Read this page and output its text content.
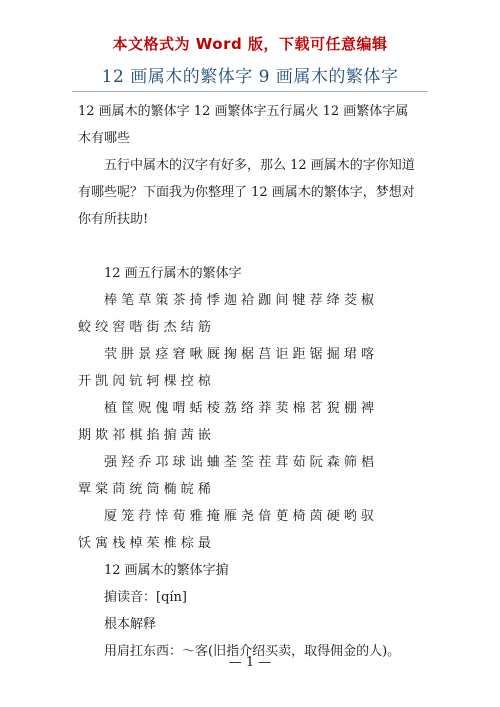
本文格式为 Word 版，下载可任意编辑
12 画属木的繁体字 9 画属木的繁体字
12 画属木的繁体字 12 画繁体字五行属火 12 画繁体字属
木有哪些
五行中属木的汉字有好多，那么 12 画属木的字你知道
有哪些呢？下面我为你整理了 12 画属木的繁体字，梦想对
你有所扶助!
12 画五行属木的繁体字
棒 笔 草 策 茶 掎 悸 迦 袷 跏 间 犍 荐 绛 茭 椒
蛟 绞 窖 喈 街 杰 结 筋
茕 肼 景 痉 窘 啾 厩 掬 椐 莒 讵 距 锯 掘 珺 喀
开 凯 闶 钪 轲 棵 控 椋
植 筐 贶 傀 喟 蛞 棱 荔 络 莽 荬 棉 茗 猊 棚 裨
期 欺 祁 棋 掐 掮 茜 嵌
强 羟 乔 邛 球 诎 蛐 荃 筌 茬 茸 茹 阮 森 筛 椙
覃 棠 茼 统 筒 椭 皖 稀
厦 笼 荇 悻 荀 雅 掩 雁 尧 偣 茰 椅 茵 硬 哟 驭
饫 寓 栈 棹 茱 椎 棕 最
12 画属木的繁体字掮
掮读音：[qín]
根本解释
用肩扛东西：～客(旧指介绍买卖，取得佣金的人)。
— 1 —
